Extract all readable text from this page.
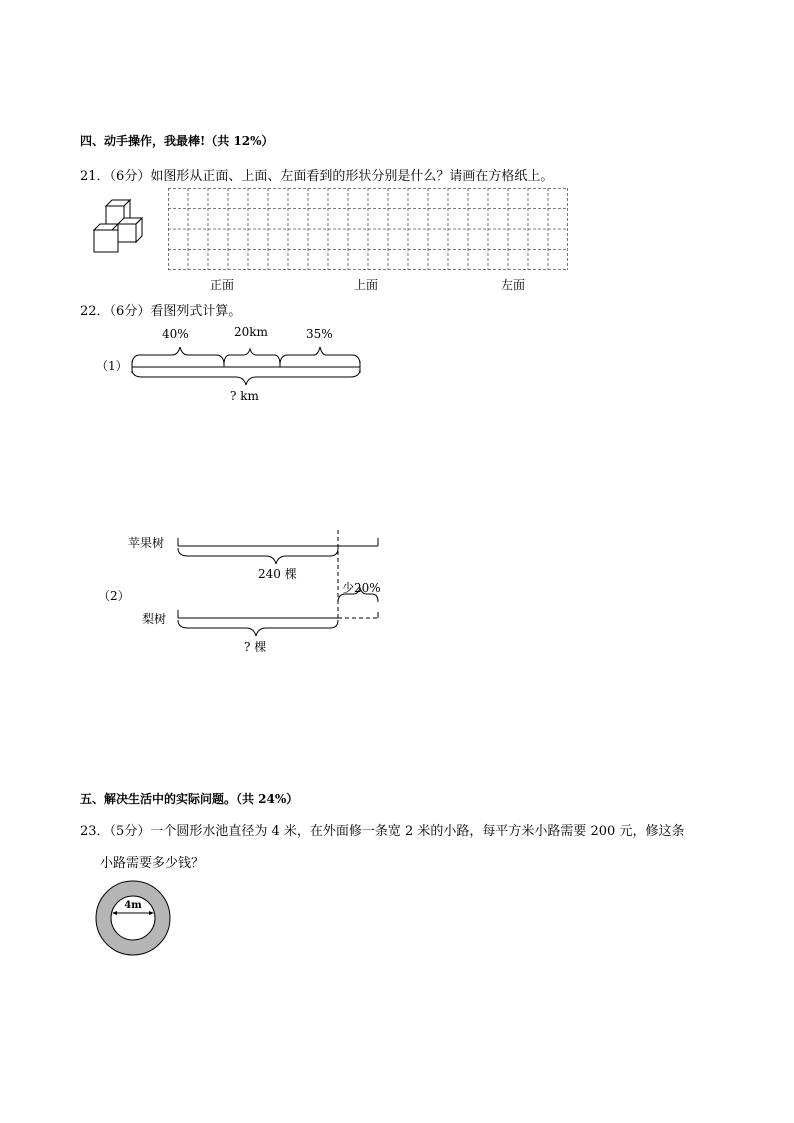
四、动手操作，我最棒!（共 12%）
21．（6分）如图形从正面、上面、左面看到的形状分别是什么？请画在方格纸上。
正面	上面	左面
22．（6分）看图列式计算。
（1）
40%	20km	35%
? km
苹果树
（2）
梨树
240 棵
少20%
? 棵
五、解决生活中的实际问题。（共 24%）
23．（5分）一个圆形水池直径为 4 米，在外面修一条宽 2 米的小路，每平方米小路需要 200 元，修这条
小路需要多少钱？
4m
